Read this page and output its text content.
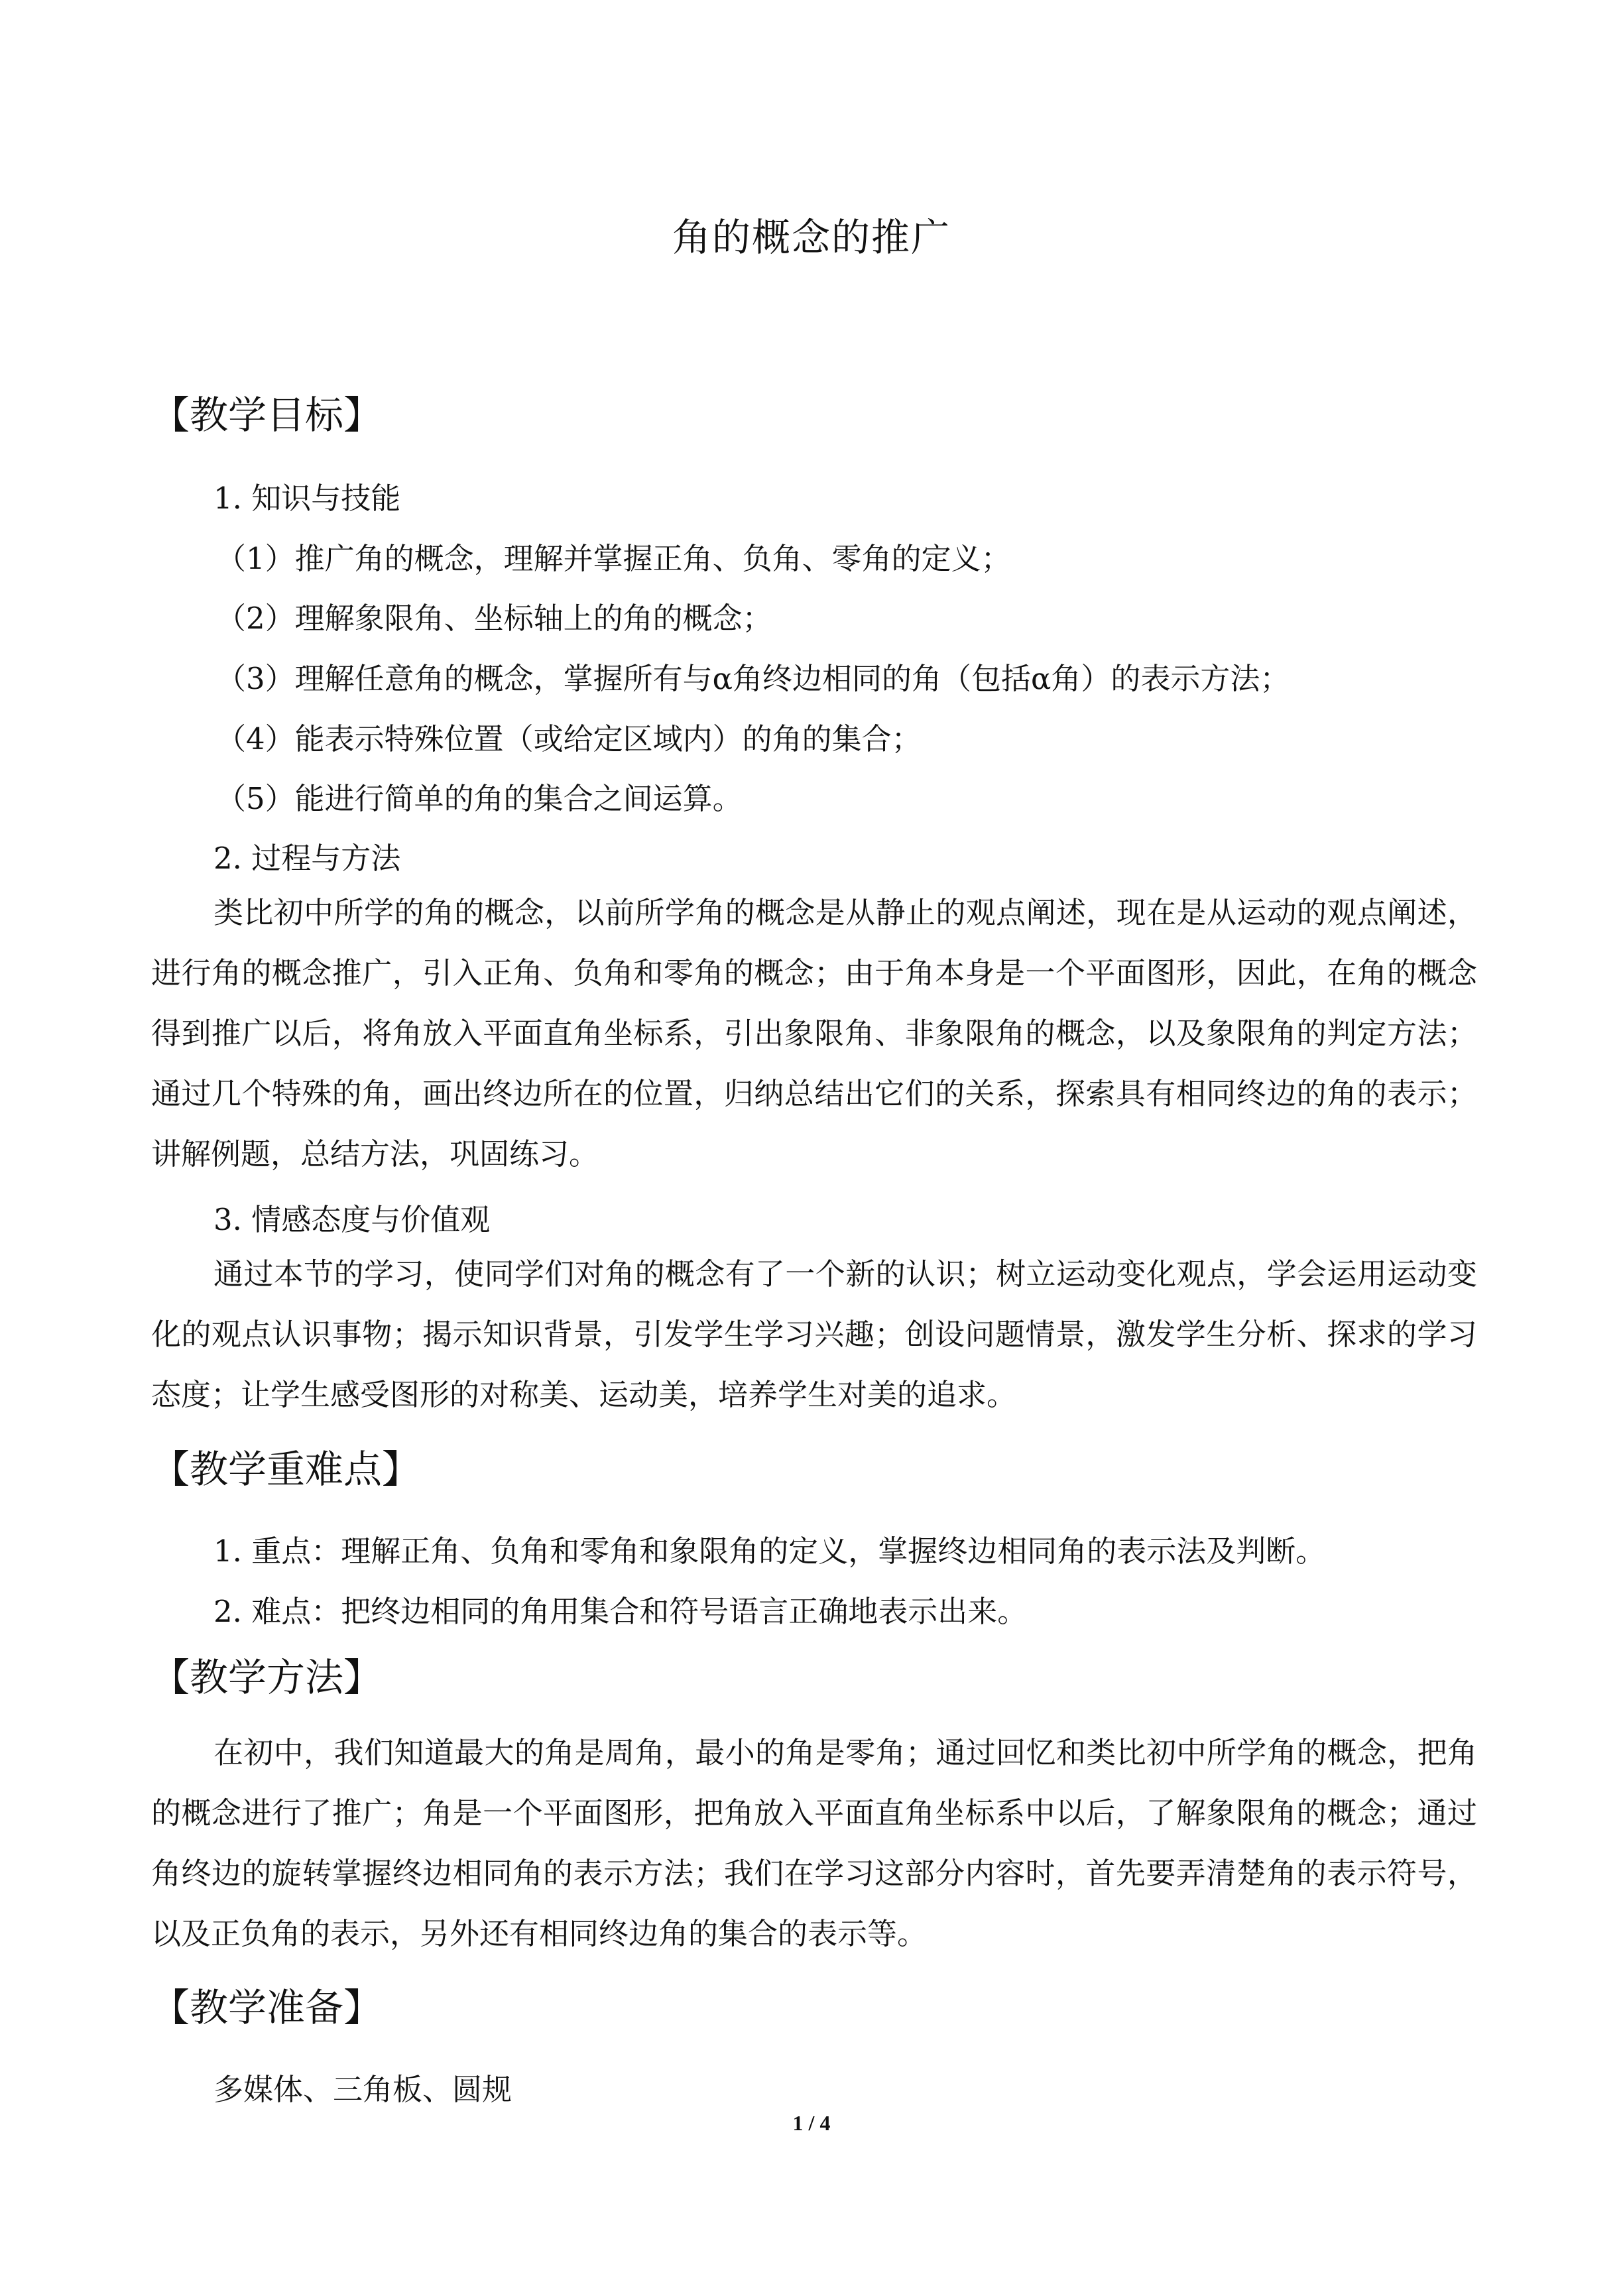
角的概念的推广
【教学目标】
1. 知识与技能
（1）推广角的概念，理解并掌握正角、负角、零角的定义；
（2）理解象限角、坐标轴上的角的概念；
（3）理解任意角的概念，掌握所有与α角终边相同的角（包括α角）的表示方法；
（4）能表示特殊位置（或给定区域内）的角的集合；
（5）能进行简单的角的集合之间运算。
2. 过程与方法
类比初中所学的角的概念，以前所学角的概念是从静止的观点阐述，现在是从运动的观点阐述，进行角的概念推广，引入正角、负角和零角的概念；由于角本身是一个平面图形，因此，在角的概念得到推广以后，将角放入平面直角坐标系，引出象限角、非象限角的概念，以及象限角的判定方法；通过几个特殊的角，画出终边所在的位置，归纳总结出它们的关系，探索具有相同终边的角的表示；讲解例题，总结方法，巩固练习。
3. 情感态度与价值观
通过本节的学习，使同学们对角的概念有了一个新的认识；树立运动变化观点，学会运用运动变化的观点认识事物；揭示知识背景，引发学生学习兴趣；创设问题情景，激发学生分析、探求的学习态度；让学生感受图形的对称美、运动美，培养学生对美的追求。
【教学重难点】
1. 重点：理解正角、负角和零角和象限角的定义，掌握终边相同角的表示法及判断。
2. 难点：把终边相同的角用集合和符号语言正确地表示出来。
【教学方法】
在初中，我们知道最大的角是周角，最小的角是零角；通过回忆和类比初中所学角的概念，把角的概念进行了推广；角是一个平面图形，把角放入平面直角坐标系中以后，了解象限角的概念；通过角终边的旋转掌握终边相同角的表示方法；我们在学习这部分内容时，首先要弄清楚角的表示符号，以及正负角的表示，另外还有相同终边角的集合的表示等。
【教学准备】
多媒体、三角板、圆规
1 / 4
